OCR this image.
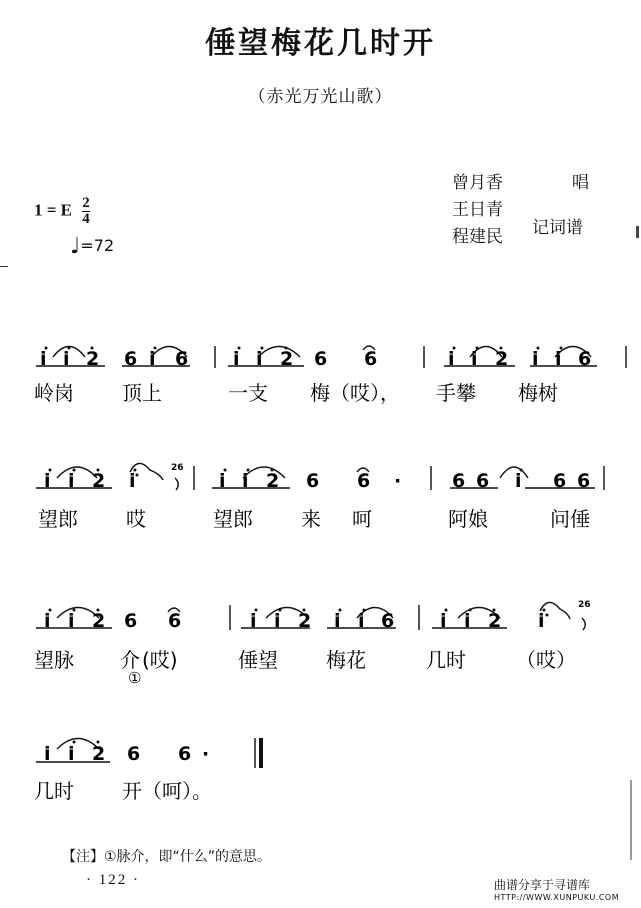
倕望梅花几时开
（赤光万光山歌）
1 = E $\frac{2}{4}$
♩=72
曾月香
王日青
程建民
唱
记词谱
i i 2 6 i 6 i i 2 6 6	i i 2 i i 6
岭岗 顶上	一支 梅（哎）， 手攀 梅树
i i 2 i
26
i i 2 6 6 ·	6 6 i 6 6
望郎 哎	望郎 来 呵	阿娘	问倕
i i 2 6 6	i i 2 i i 6 i i 2 i
26
望脉 介 (哎)	倕望 梅花	几时	（哎）
①
i i 2 6 6 ·
几时 开（呵）。
【注】①脉介，即“什么”的意思。
· 122 ·	曲谱分享于寻谱库
HTTP://WWW.XUNPUKU.COM
